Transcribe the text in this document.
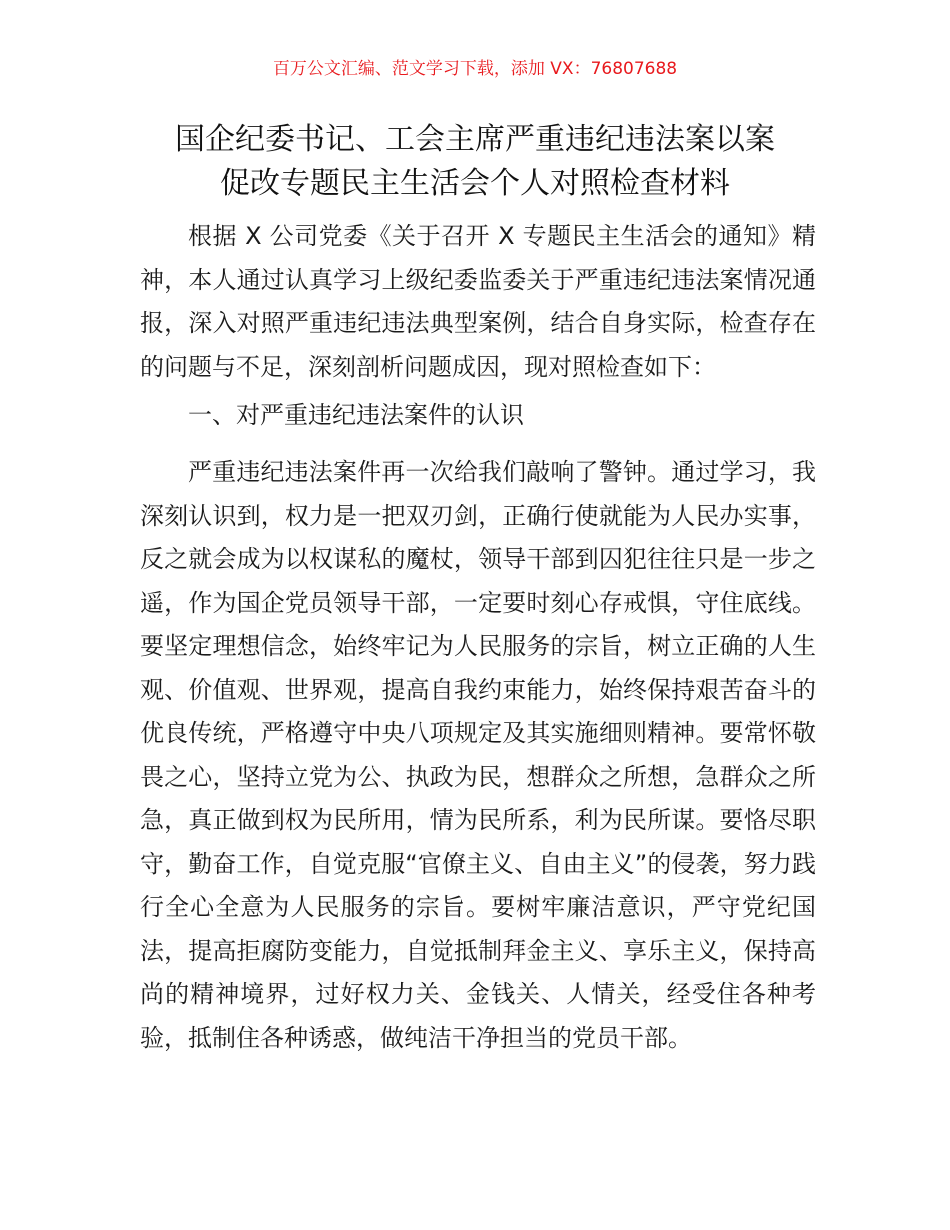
百万公文汇编、范文学习下载，添加 VX：76807688
国企纪委书记、工会主席严重违纪违法案以案
促改专题民主生活会个人对照检查材料

根据 X 公司党委《关于召开 X 专题民主生活会的通知》精神，本人通过认真学习上级纪委监委关于严重违纪违法案情况通报，深入对照严重违纪违法典型案例，结合自身实际，检查存在的问题与不足，深刻剖析问题成因，现对照检查如下：

一、对严重违纪违法案件的认识

严重违纪违法案件再一次给我们敲响了警钟。通过学习，我深刻认识到，权力是一把双刃剑，正确行使就能为人民办实事，反之就会成为以权谋私的魔杖，领导干部到囚犯往往只是一步之遥，作为国企党员领导干部，一定要时刻心存戒惧，守住底线。要坚定理想信念，始终牢记为人民服务的宗旨，树立正确的人生观、价值观、世界观，提高自我约束能力，始终保持艰苦奋斗的优良传统，严格遵守中央八项规定及其实施细则精神。要常怀敬畏之心，坚持立党为公、执政为民，想群众之所想，急群众之所急，真正做到权为民所用，情为民所系，利为民所谋。要恪尽职守，勤奋工作，自觉克服“官僚主义、自由主义”的侵袭，努力践行全心全意为人民服务的宗旨。要树牢廉洁意识，严守党纪国法，提高拒腐防变能力，自觉抵制拜金主义、享乐主义，保持高尚的精神境界，过好权力关、金钱关、人情关，经受住各种考验，抵制住各种诱惑，做纯洁干净担当的党员干部。
